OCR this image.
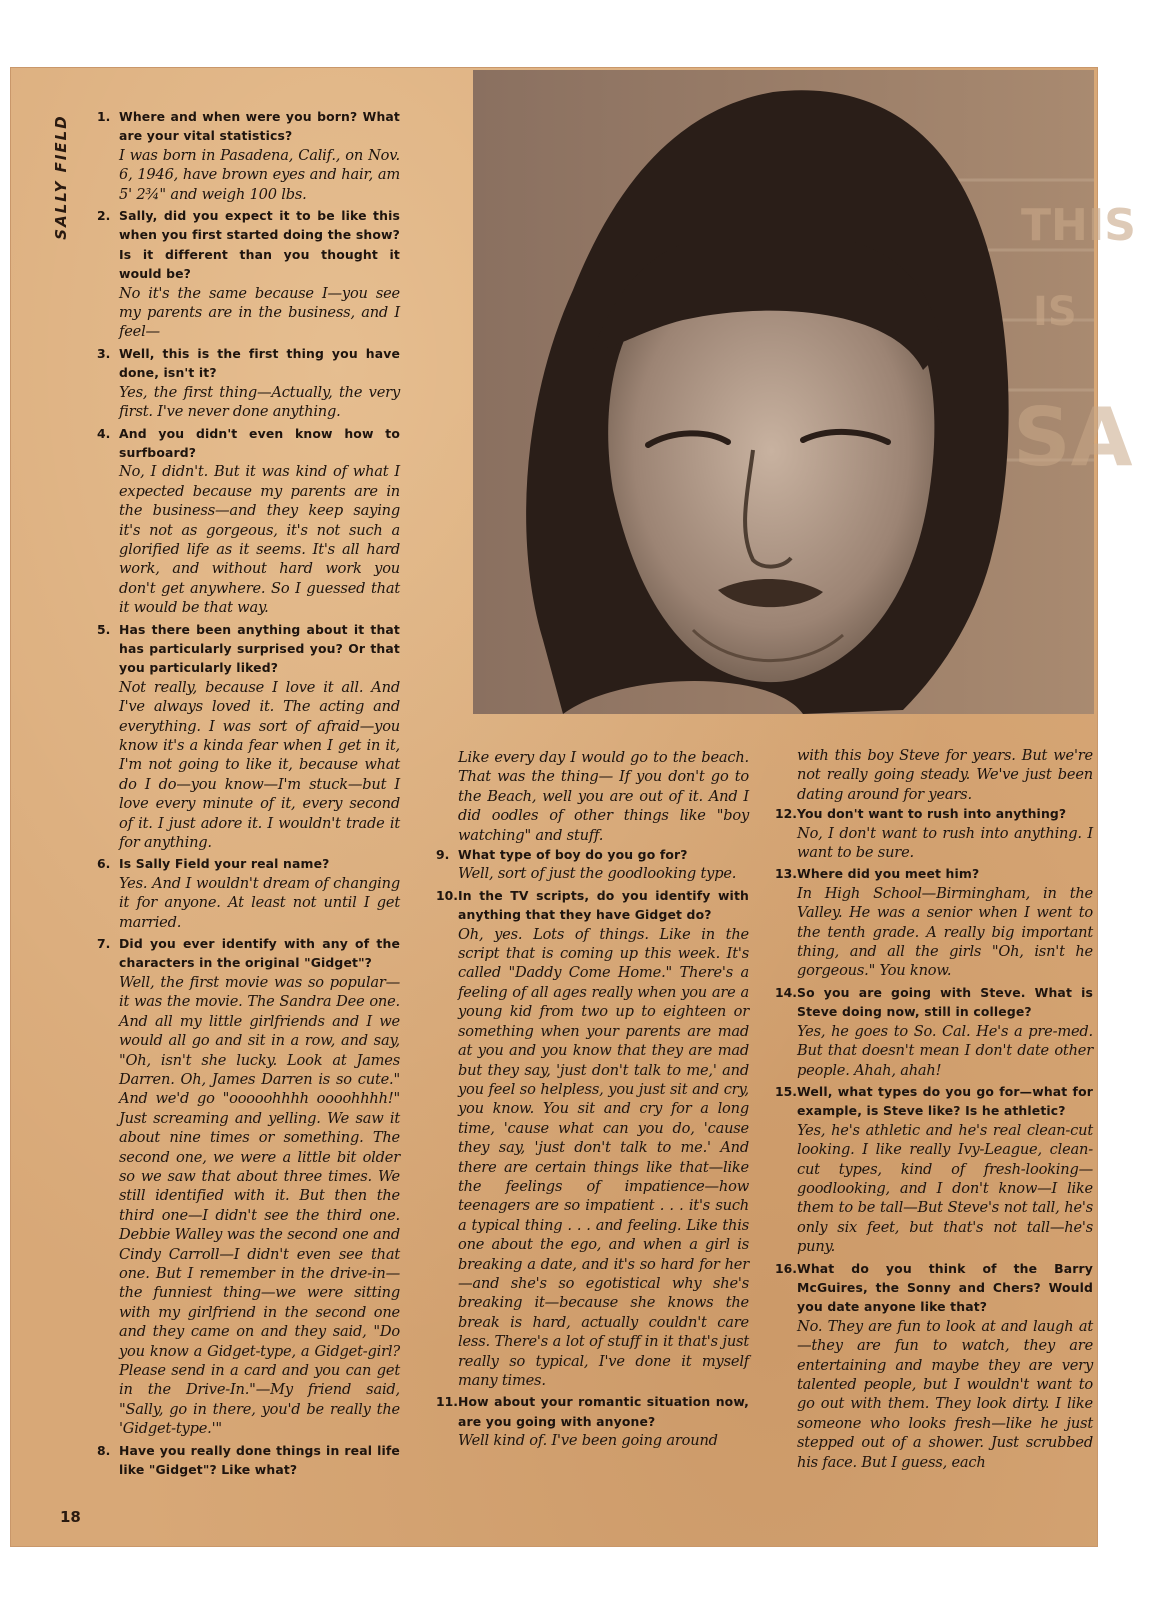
SALLY FIELD	THIS
IS
SA
1. Where and when were you born? What are your vital statistics?
I was born in Pasadena, Calif., on Nov. 6, 1946, have brown eyes and hair, am 5' 2¾" and weigh 100 lbs.
2. Sally, did you expect it to be like this when you first started doing the show? Is it different than you thought it would be?
No it's the same because I—you see my parents are in the business, and I feel—
3. Well, this is the first thing you have done, isn't it?
Yes, the first thing—Actually, the very first. I've never done anything.
4. And you didn't even know how to surfboard?
No, I didn't. But it was kind of what I expected because my parents are in the business—and they keep saying it's not as gorgeous, it's not such a glorified life as it seems. It's all hard work, and without hard work you don't get anywhere. So I guessed that it would be that way.
5. Has there been anything about it that has particularly surprised you? Or that you particularly liked?
Not really, because I love it all. And I've always loved it. The acting and everything. I was sort of afraid—you know it's a kinda fear when I get in it, I'm not going to like it, because what do I do—you know—I'm stuck—but I love every minute of it, every second of it. I just adore it. I wouldn't trade it for anything.
6. Is Sally Field your real name?
Yes. And I wouldn't dream of changing it for anyone. At least not until I get married.
7. Did you ever identify with any of the characters in the original "Gidget"?
Well, the first movie was so popular—it was the movie. The Sandra Dee one. And all my little girlfriends and I we would all go and sit in a row, and say, "Oh, isn't she lucky. Look at James Darren. Oh, James Darren is so cute." And we'd go "ooooohhhh oooohhhh!" Just screaming and yelling. We saw it about nine times or something. The second one, we were a little bit older so we saw that about three times. We still identified with it. But then the third one—I didn't see the third one. Debbie Walley was the second one and Cindy Carroll—I didn't even see that one. But I remember in the drive-in—the funniest thing—we were sitting with my girlfriend in the second one and they came on and they said, "Do you know a Gidget-type, a Gidget-girl? Please send in a card and you can get in the Drive-In."—My friend said, "Sally, go in there, you'd be really the 'Gidget-type.'"
8. Have you really done things in real life like "Gidget"? Like what?
Like every day I would go to the beach. That was the thing— If you don't go to the Beach, well you are out of it. And I did oodles of other things like "boy watching" and stuff.
9. What type of boy do you go for?
Well, sort of just the goodlooking type.
10. In the TV scripts, do you identify with anything that they have Gidget do?
Oh, yes. Lots of things. Like in the script that is coming up this week. It's called "Daddy Come Home." There's a feeling of all ages really when you are a young kid from two up to eighteen or something when your parents are mad at you and you know that they are mad but they say, 'just don't talk to me,' and you feel so helpless, you just sit and cry, you know. You sit and cry for a long time, 'cause what can you do, 'cause they say, 'just don't talk to me.' And there are certain things like that—like the feelings of impatience—how teenagers are so impatient . . . it's such a typical thing . . . and feeling. Like this one about the ego, and when a girl is breaking a date, and it's so hard for her—and she's so egotistical why she's breaking it—because she knows the break is hard, actually couldn't care less. There's a lot of stuff in it that's just really so typical, I've done it myself many times.
11. How about your romantic situation now, are you going with anyone?
Well kind of. I've been going around
with this boy Steve for years. But we're not really going steady. We've just been dating around for years.
12. You don't want to rush into anything?
No, I don't want to rush into anything. I want to be sure.
13. Where did you meet him?
In High School—Birmingham, in the Valley. He was a senior when I went to the tenth grade. A really big important thing, and all the girls "Oh, isn't he gorgeous." You know.
14. So you are going with Steve. What is Steve doing now, still in college?
Yes, he goes to So. Cal. He's a pre-med. But that doesn't mean I don't date other people. Ahah, ahah!
15. Well, what types do you go for—what for example, is Steve like? Is he athletic?
Yes, he's athletic and he's real clean-cut looking. I like really Ivy-League, clean-cut types, kind of fresh-looking—goodlooking, and I don't know—I like them to be tall—But Steve's not tall, he's only six feet, but that's not tall—he's puny.
16. What do you think of the Barry McGuires, the Sonny and Chers? Would you date anyone like that?
No. They are fun to look at and laugh at—they are fun to watch, they are entertaining and maybe they are very talented people, but I wouldn't want to go out with them. They look dirty. I like someone who looks fresh—like he just stepped out of a shower. Just scrubbed his face. But I guess, each
18
